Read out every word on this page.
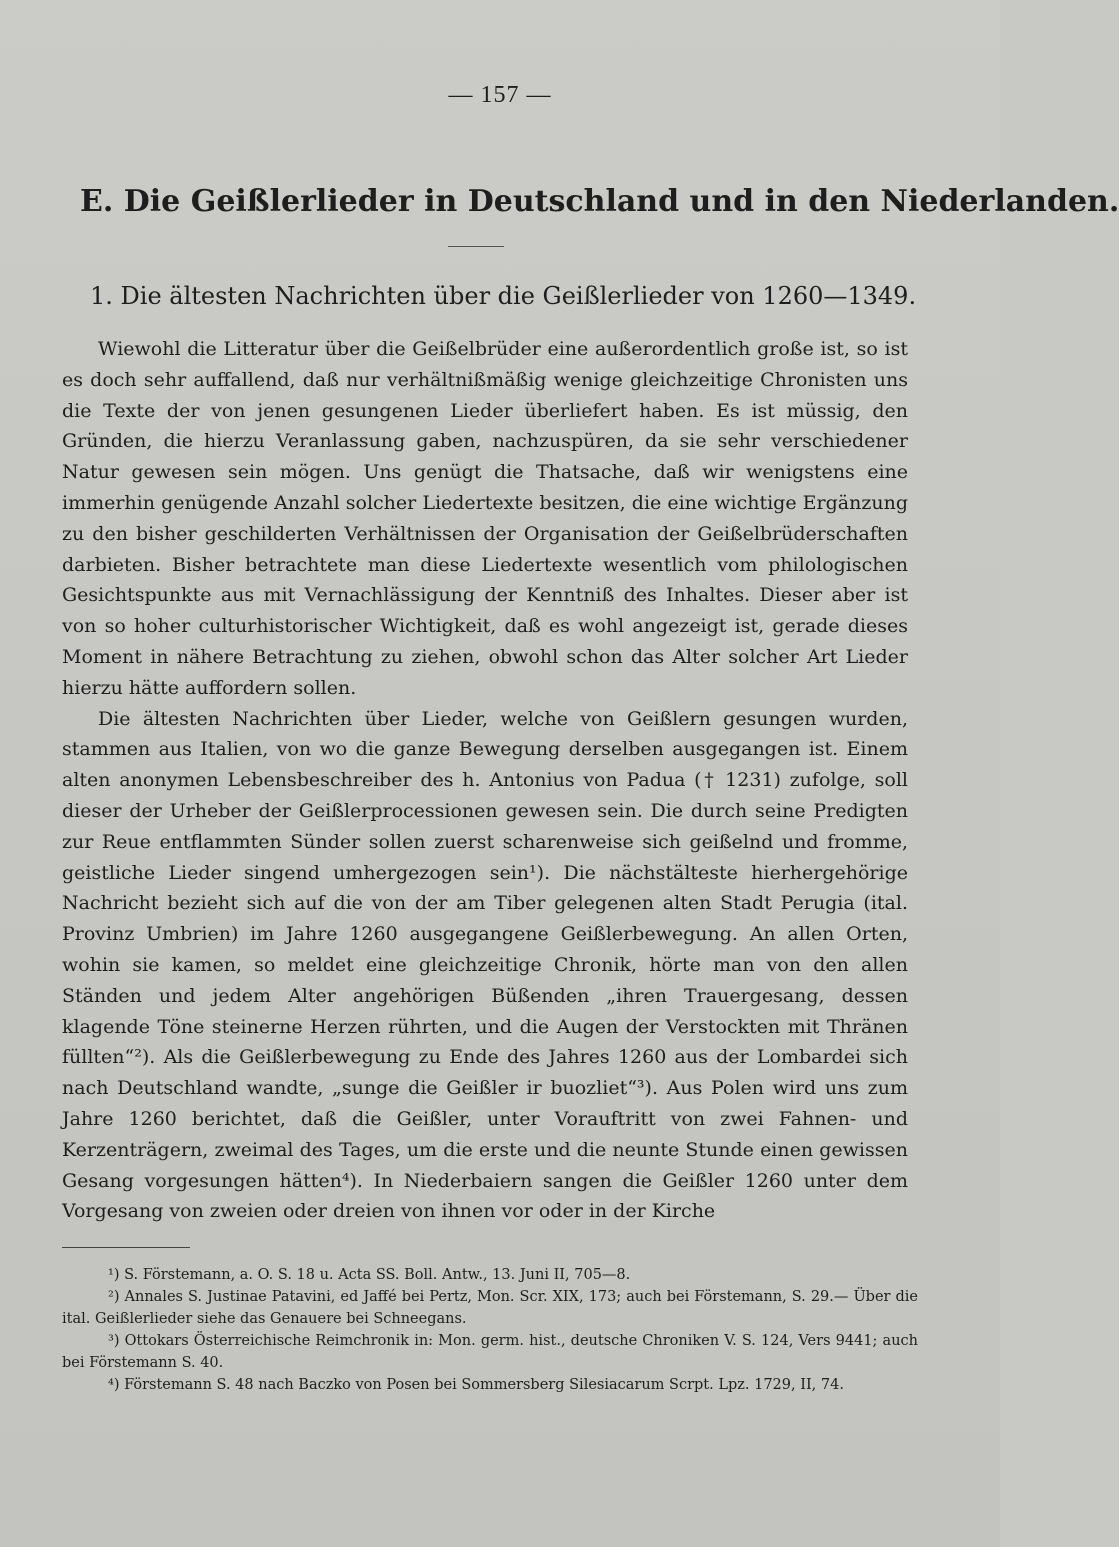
— 157 —
E. Die Geißlerlieder in Deutschland und in den Niederlanden.
1. Die ältesten Nachrichten über die Geißlerlieder von 1260—1349.

Wiewohl die Litteratur über die Geißelbrüder eine außerordentlich große ist, so ist es doch sehr auffallend, daß nur verhältnißmäßig wenige gleichzeitige Chronisten uns die Texte der von jenen gesungenen Lieder überliefert haben. Es ist müssig, den Gründen, die hierzu Veranlassung gaben, nachzuspüren, da sie sehr verschiedener Natur gewesen sein mögen. Uns genügt die Thatsache, daß wir wenigstens eine immerhin genügende Anzahl solcher Liedertexte besitzen, die eine wichtige Ergänzung zu den bisher geschilderten Verhältnissen der Organisation der Geißelbrüderschaften darbieten. Bisher betrachtete man diese Liedertexte wesentlich vom philologischen Gesichtspunkte aus mit Vernachlässigung der Kenntniß des Inhaltes. Dieser aber ist von so hoher culturhistorischer Wichtigkeit, daß es wohl angezeigt ist, gerade dieses Moment in nähere Betrachtung zu ziehen, obwohl schon das Alter solcher Art Lieder hierzu hätte auffordern sollen.

Die ältesten Nachrichten über Lieder, welche von Geißlern gesungen wurden, stammen aus Italien, von wo die ganze Bewegung derselben ausgegangen ist. Einem alten anonymen Lebensbeschreiber des h. Antonius von Padua († 1231) zufolge, soll dieser der Urheber der Geißlerprocessionen gewesen sein. Die durch seine Predigten zur Reue entflammten Sünder sollen zuerst scharenweise sich geißelnd und fromme, geistliche Lieder singend umhergezogen sein¹). Die nächstälteste hierhergehörige Nachricht bezieht sich auf die von der am Tiber gelegenen alten Stadt Perugia (ital. Provinz Umbrien) im Jahre 1260 ausgegangene Geißlerbewegung. An allen Orten, wohin sie kamen, so meldet eine gleichzeitige Chronik, hörte man von den allen Ständen und jedem Alter angehörigen Büßenden „ihren Trauergesang, dessen klagende Töne steinerne Herzen rührten, und die Augen der Verstockten mit Thränen füllten“²). Als die Geißlerbewegung zu Ende des Jahres 1260 aus der Lombardei sich nach Deutschland wandte, „sunge die Geißler ir buozliet“³). Aus Polen wird uns zum Jahre 1260 berichtet, daß die Geißler, unter Vorauftritt von zwei Fahnen- und Kerzenträgern, zweimal des Tages, um die erste und die neunte Stunde einen gewissen Gesang vorgesungen hätten⁴). In Niederbaiern sangen die Geißler 1260 unter dem Vorgesang von zweien oder dreien von ihnen vor oder in der Kirche

¹) S. Förstemann, a. O. S. 18 u. Acta SS. Boll. Antw., 13. Juni II, 705—8.

²) Annales S. Justinae Patavini, ed Jaffé bei Pertz, Mon. Scr. XIX, 173; auch bei Förstemann, S. 29.— Über die ital. Geißlerlieder siehe das Genauere bei Schneegans.

³) Ottokars Österreichische Reimchronik in: Mon. germ. hist., deutsche Chroniken V. S. 124, Vers 9441; auch bei Förstemann S. 40.

⁴) Förstemann S. 48 nach Baczko von Posen bei Sommersberg Silesiacarum Scrpt. Lpz. 1729, II, 74.
